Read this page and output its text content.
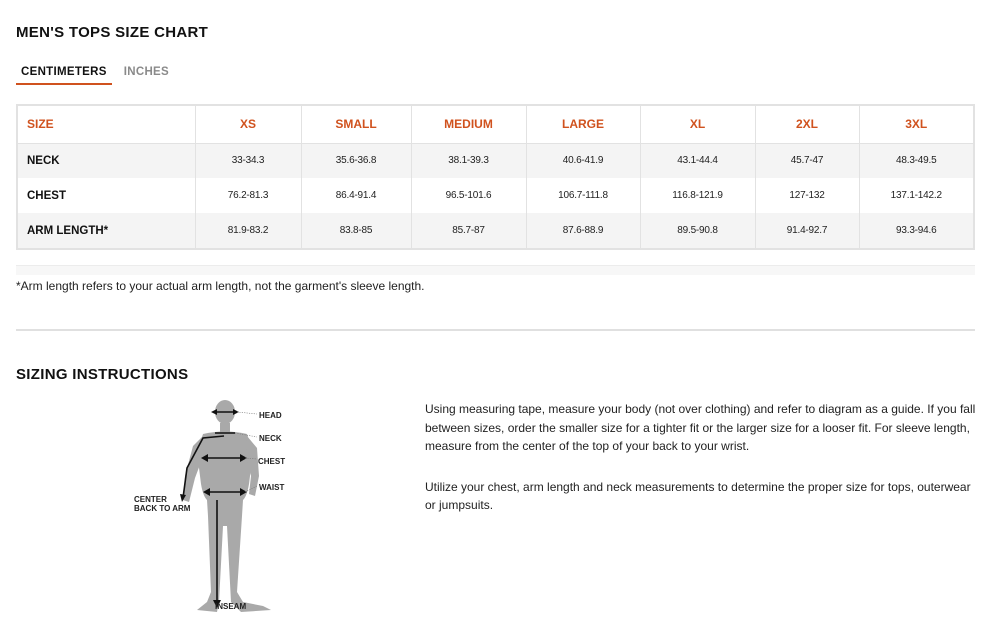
MEN'S TOPS SIZE CHART
CENTIMETERS	INCHES
SIZE	XS	SMALL	MEDIUM	LARGE	XL	2XL	3XL
NECK	33-34.3	35.6-36.8	38.1-39.3	40.6-41.9	43.1-44.4	45.7-47	48.3-49.5
CHEST	76.2-81.3	86.4-91.4	96.5-101.6	106.7-111.8	116.8-121.9	127-132	137.1-142.2
ARM LENGTH*	81.9-83.2	83.8-85	85.7-87	87.6-88.9	89.5-90.8	91.4-92.7	93.3-94.6
*Arm length refers to your actual arm length, not the garment's sleeve length.
SIZING INSTRUCTIONS
HEAD
NECK
CHEST
WAIST
CENTER
BACK TO ARM
INSEAM

Using measuring tape, measure your body (not over clothing) and refer to diagram as a guide. If you fall between sizes, order the smaller size for a tighter fit or the larger size for a looser fit. For sleeve length, measure from the center of the top of your back to your wrist.

Utilize your chest, arm length and neck measurements to determine the proper size for tops, outerwear or jumpsuits.
